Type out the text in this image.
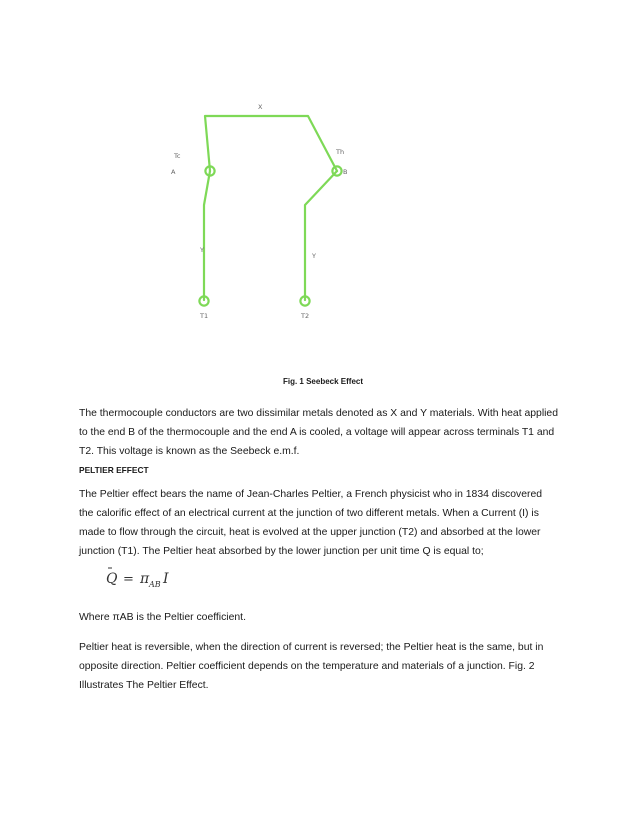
X
Tc
A
Th
B
Y
Y
T1	T2
Fig. 1 Seebeck Effect

The thermocouple conductors are two dissimilar metals denoted as X and Y materials. With heat applied to the end B of the thermocouple and the end A is cooled, a voltage will appear across terminals T1 and T2. This voltage is known as the Seebeck e.m.f.

PELTIER EFFECT

The Peltier effect bears the name of Jean-Charles Peltier, a French physicist who in 1834 discovered the calorific effect of an electrical current at the junction of two different metals. When a Current (I) is made to flow through the circuit, heat is evolved at the upper junction (T2) and absorbed at the lower junction (T1). The Peltier heat absorbed by the lower junction per unit time Q is equal to;

Q = π AB I

Where πAB is the Peltier coefficient.

Peltier heat is reversible, when the direction of current is reversed; the Peltier heat is the same, but in opposite direction. Peltier coefficient depends on the temperature and materials of a junction. Fig. 2 Illustrates The Peltier Effect.
